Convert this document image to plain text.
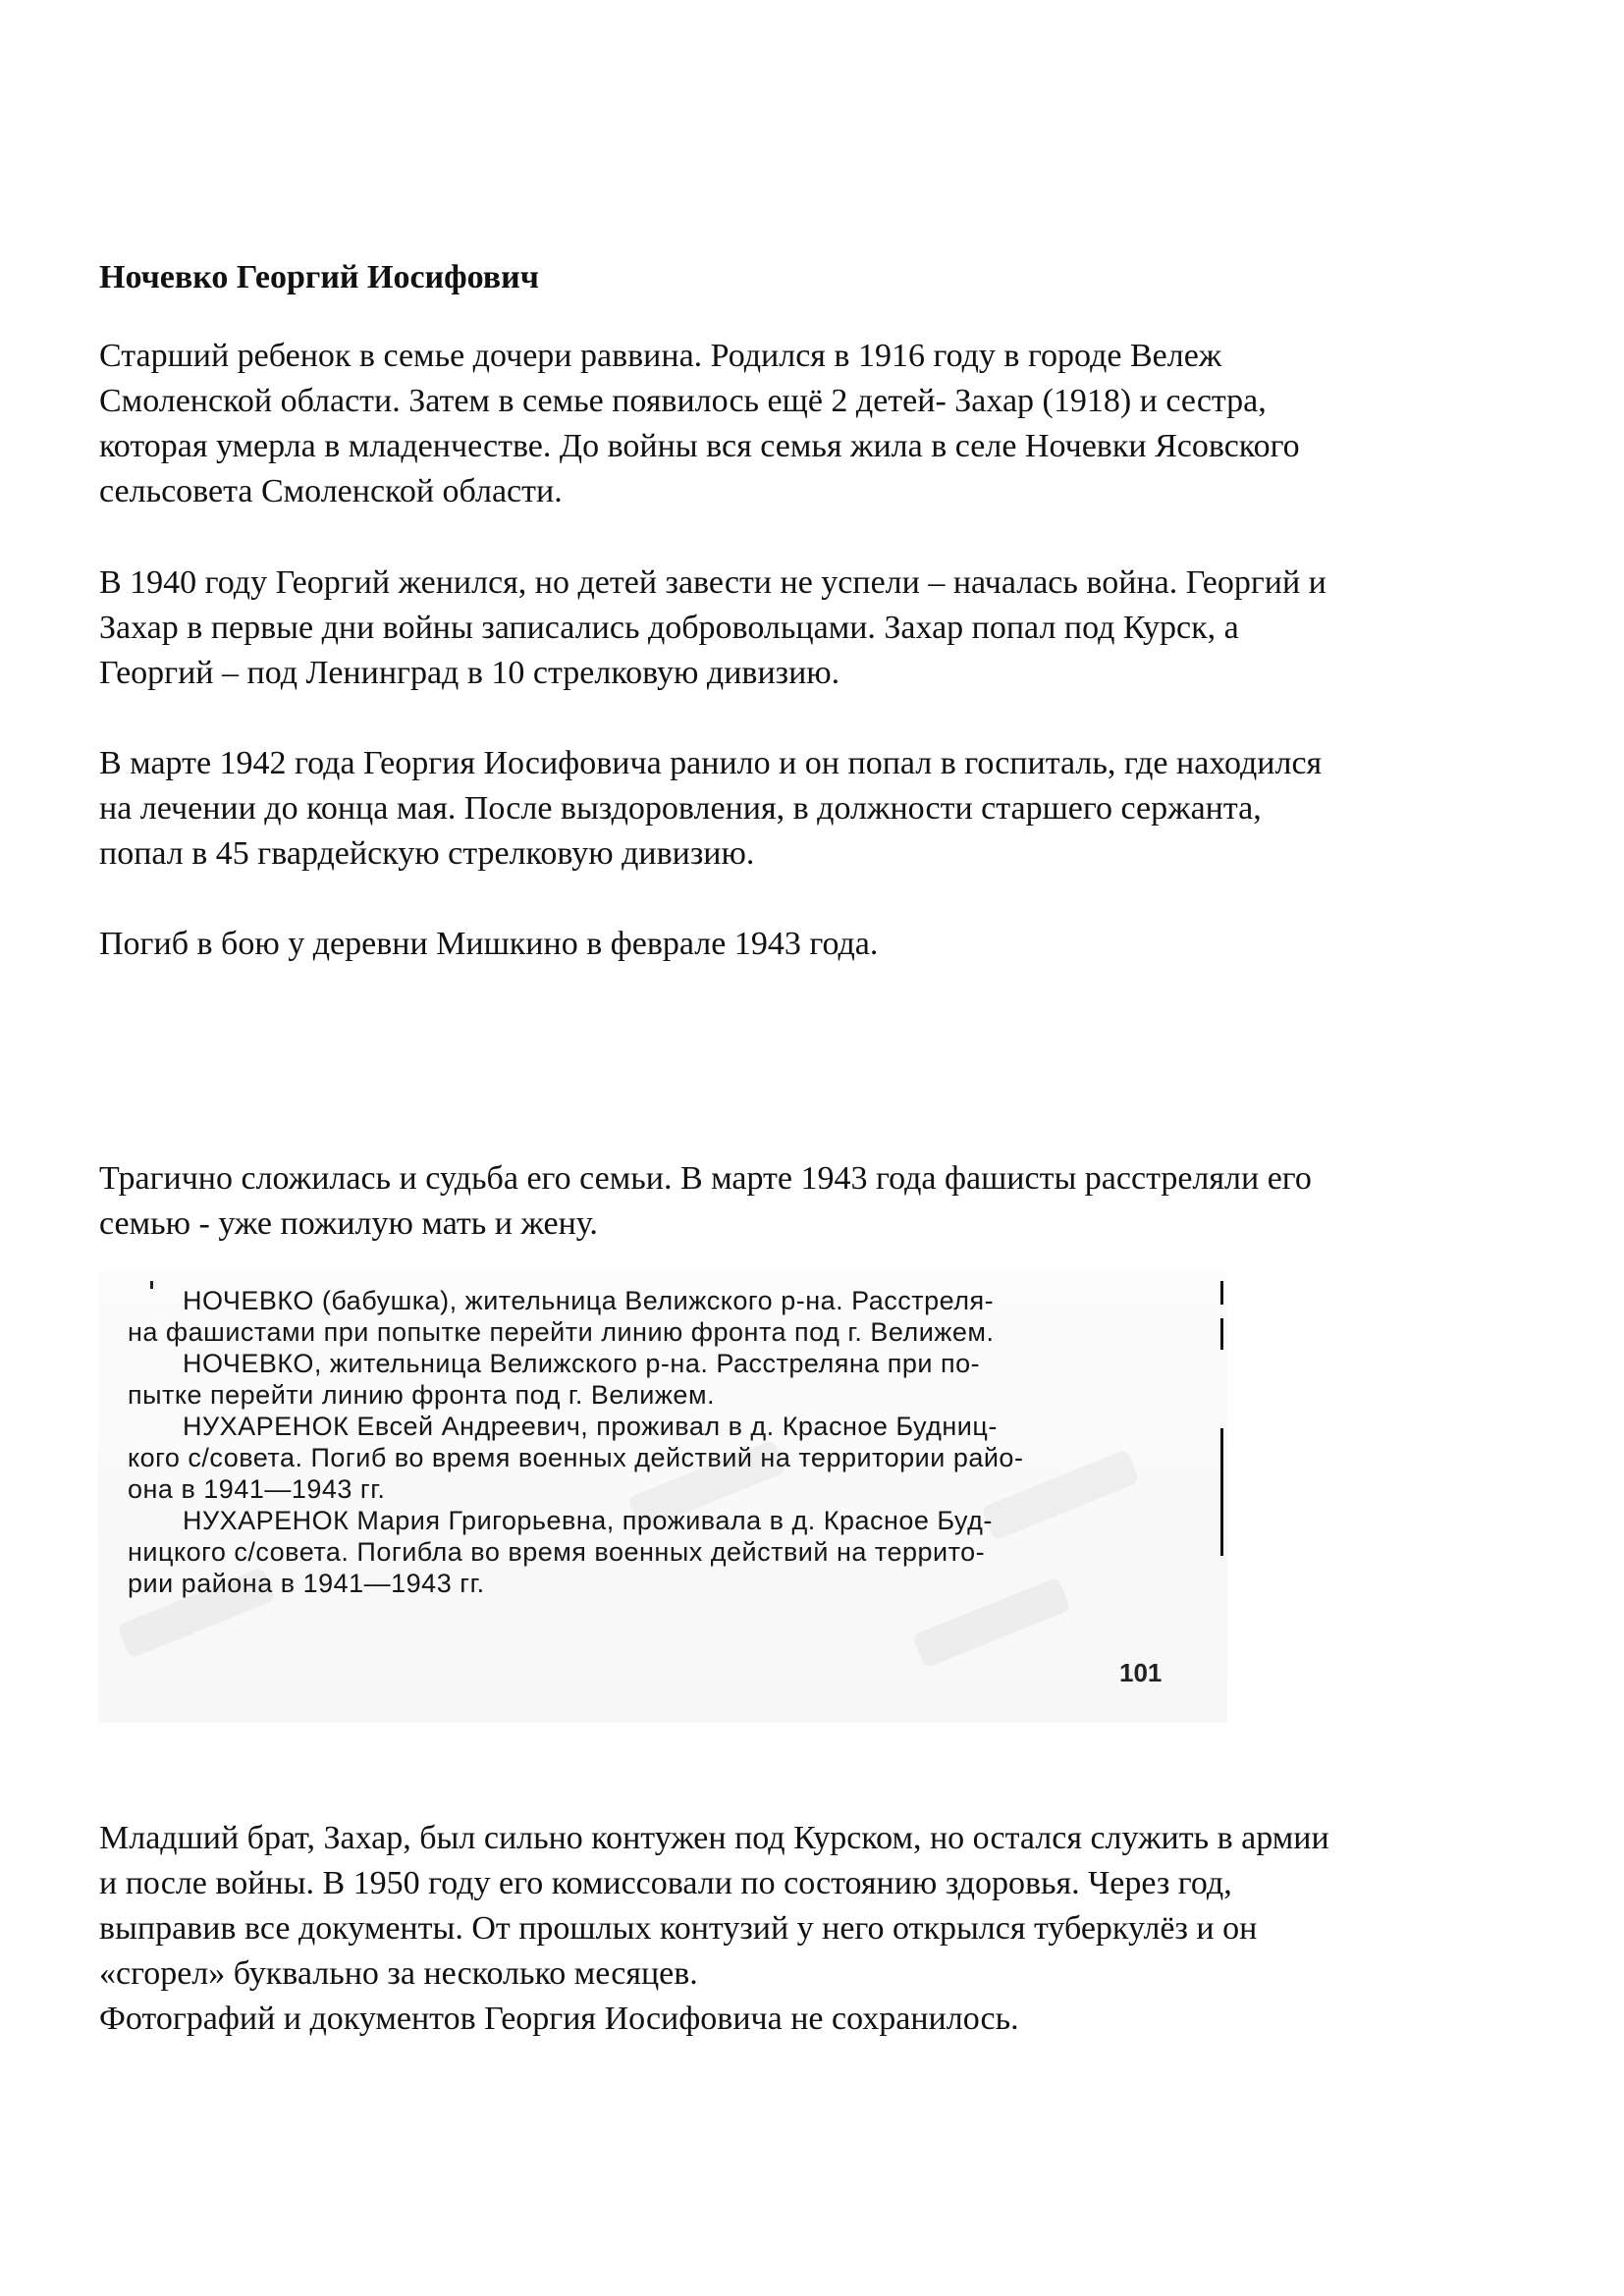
Ночевко Георгий Иосифович
Старший ребенок в семье дочери раввина. Родился в 1916 году в городе Вележ
Смоленской области. Затем в семье появилось ещё 2 детей- Захар (1918) и сестра,
которая умерла в младенчестве. До войны вся семья жила в селе Ночевки Ясовского
сельсовета Смоленской области.
В 1940 году Георгий женился, но детей завести не успели – началась война. Георгий и
Захар в первые дни войны записались добровольцами. Захар попал под Курск, а
Георгий – под Ленинград в 10 стрелковую дивизию.
В марте 1942 года Георгия Иосифовича ранило и он попал в госпиталь, где находился
на лечении до конца мая. После выздоровления, в должности старшего сержанта,
попал в 45 гвардейскую стрелковую дивизию.
Погиб в бою у деревни Мишкино в феврале 1943 года.
Трагично сложилась и судьба его семьи. В марте 1943 года фашисты расстреляли его
семью - уже пожилую мать и жену.
НОЧЕВКО (бабушка), жительница Велижского р-на. Расстреля-
на фашистами при попытке перейти линию фронта под г. Велижем.
НОЧЕВКО, жительница Велижского р-на. Расстреляна при по-
пытке перейти линию фронта под г. Велижем.
НУХАРЕНОК Евсей Андреевич, проживал в д. Красное Будниц-
кого с/совета. Погиб во время военных действий на территории райо-
она в 1941—1943 гг.
НУХАРЕНОК Мария Григорьевна, проживала в д. Красное Буд-
ницкого с/совета. Погибла во время военных действий на террито-
рии района в 1941—1943 гг.
101
Младший брат, Захар, был сильно контужен под Курском, но остался служить в армии
и после войны. В 1950 году его комиссовали по состоянию здоровья. Через год,
выправив все документы. От прошлых контузий у него открылся туберкулёз и он
«сгорел» буквально за несколько месяцев.
Фотографий и документов Георгия Иосифовича не сохранилось.
